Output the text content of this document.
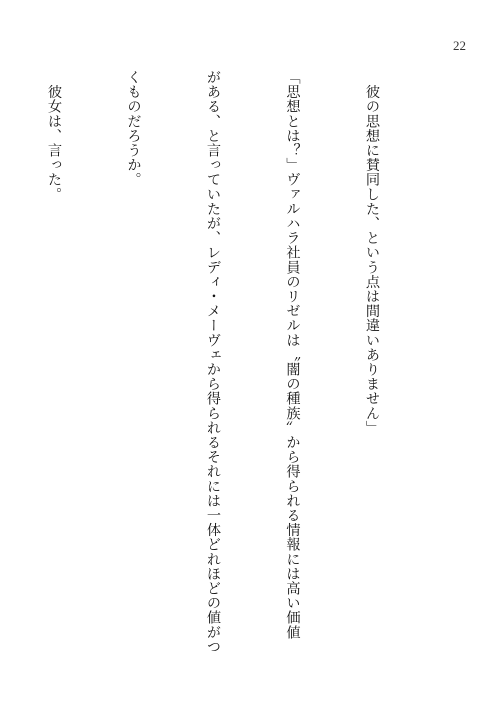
22

　彼の思想に賛同した、という点は間違いありません」

「思想とは？」ヴァルハラ社員のリゼルは〝闇の種族〟から得られる情報には高い価値

がある、と言っていたが、レディ・メーヴェから得られるそれには一体どれほどの値がつ

くものだろうか。

　彼女は、言った。
